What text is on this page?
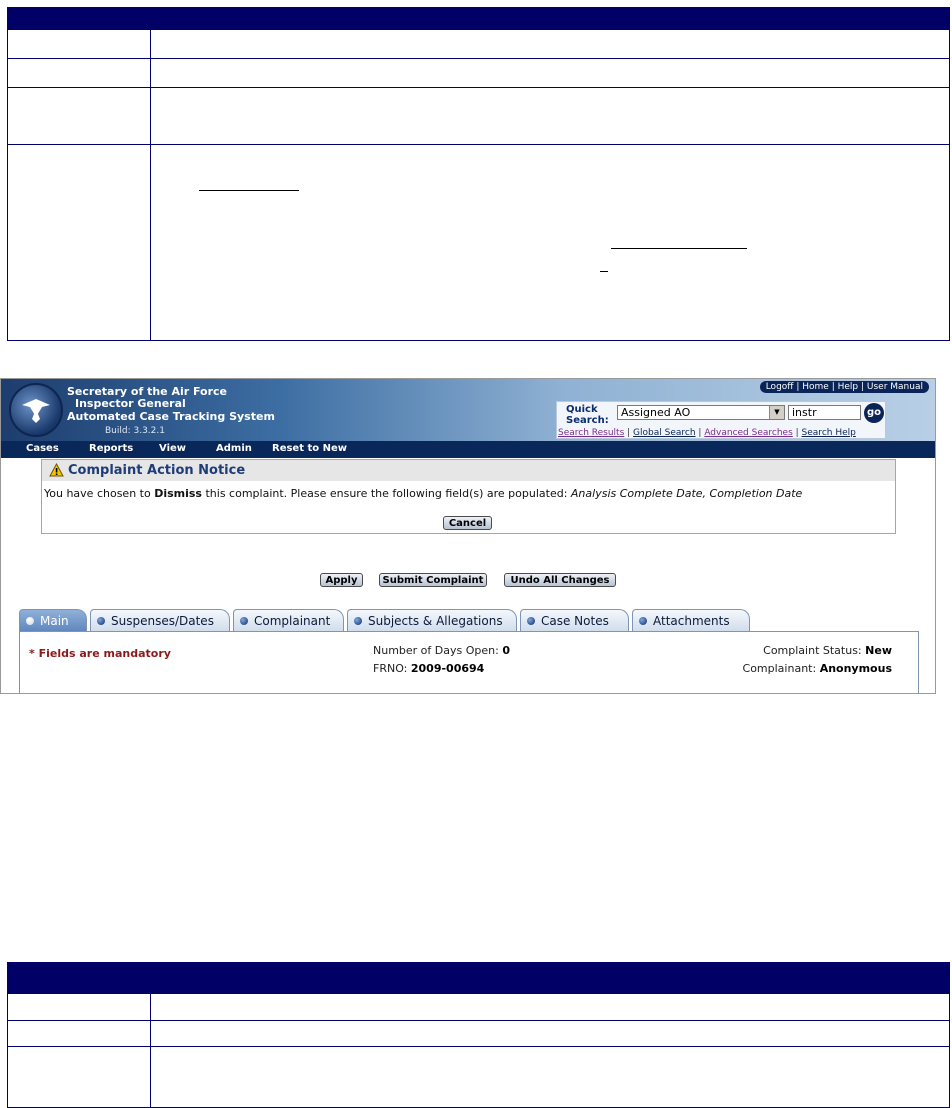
Secretary of the Air Force
Inspector General
Automated Case Tracking System
Build: 3.3.2.1
Logoff | Home | Help | User Manual
Quick Search:
Assigned AO	▼	instr	go
Search Results | Global Search | Advanced Searches | Search Help
Cases	Reports	View	Admin Reset to New
Complaint Action Notice
You have chosen to Dismiss this complaint. Please ensure the following field(s) are populated: Analysis Complete Date, Completion Date
Cancel
Apply	Submit Complaint	Undo All Changes
Main	Suspenses/Dates	Complainant	Subjects & Allegations	Case Notes	Attachments
* Fields are mandatory	Number of Days Open: 0
FRNO: 2009-00694
Complaint Status: New
Complainant: Anonymous
